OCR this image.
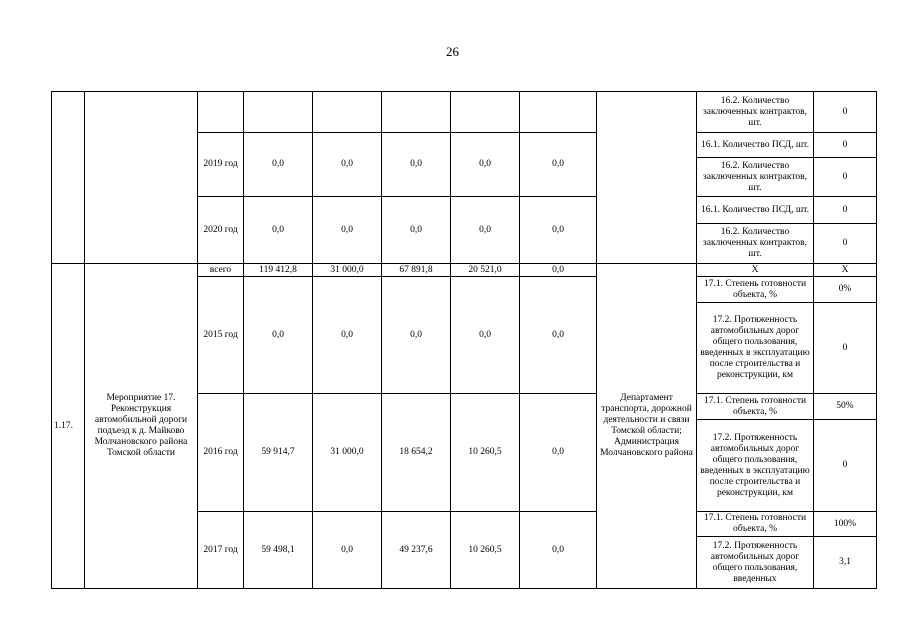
26
									16.2. Количество заключенных контрактов, шт.	0
		2019 год	0,0	0,0	0,0	0,0	0,0		16.1. Количество ПСД, шт.	0
									16.2. Количество заключенных контрактов, шт.	0
		2020 год	0,0	0,0	0,0	0,0	0,0		16.1. Количество ПСД, шт.	0
									16.2. Количество заключенных контрактов, шт.	0
1.17.	Мероприятие 17. Реконструкция автомобильной дороги подъезд к д. Майково Молчановского района Томской области	всего	119 412,8	31 000,0	67 891,8	20 521,0	0,0	Департамент транспорта, дорожной деятельности и связи Томской области; Администрация Молчановского района	Х	Х
		2015 год	0,0	0,0	0,0	0,0	0,0		17.1. Степень готовности объекта, %	0%
									17.2. Протяженность автомобильных дорог общего пользования, введенных в эксплуатацию после строительства и реконструкции, км	0
		2016 год	59 914,7	31 000,0	18 654,2	10 260,5	0,0		17.1. Степень готовности объекта, %	50%
									17.2. Протяженность автомобильных дорог общего пользования, введенных в эксплуатацию после строительства и реконструкции, км	0
		2017 год	59 498,1	0,0	49 237,6	10 260,5	0,0		17.1. Степень готовности объекта, %	100%
									17.2. Протяженность автомобильных дорог общего пользования, введенных	3,1
